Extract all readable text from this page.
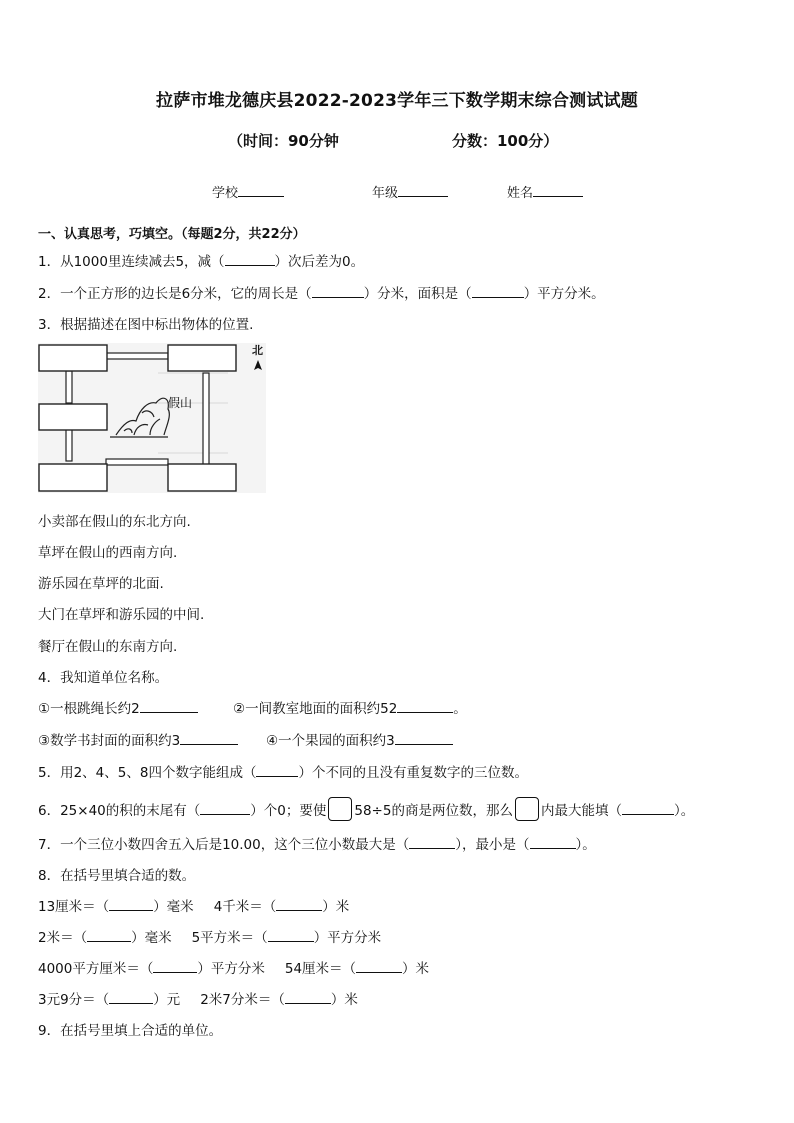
拉萨市堆龙德庆县2022-2023学年三下数学期末综合测试试题
（时间：90分钟	分数：100分）
学校	年级	姓名
一、认真思考，巧填空。（每题2分，共22分）
1．从1000里连续减去5，减（	）次后差为0。
2．一个正方形的边长是6分米，它的周长是（	）分米，面积是（	）平方分米。
3．根据描述在图中标出物体的位置.
假山
北
小卖部在假山的东北方向.
草坪在假山的西南方向.
游乐园在草坪的北面.
大门在草坪和游乐园的中间.
餐厅在假山的东南方向.
4．我知道单位名称。
①一根跳绳长约2	②一间教室地面的面积约52	。
③数学书封面的面积约3	④一个果园的面积约3
5．用2、4、5、8四个数字能组成（	）个不同的且没有重复数字的三位数。
6．25×40的积的末尾有（	）个0；要使 58÷5的商是两位数，那么 内最大能填（	）。
7．一个三位小数四舍五入后是10.00，这个三位小数最大是（	），最小是（	）。
8．在括号里填合适的数。
13厘米＝（	）毫米 4千米＝（	）米
2米＝（	）毫米 5平方米＝（	）平方分米
4000平方厘米＝（	）平方分米 54厘米＝（	）米
3元9分＝（	）元 2米7分米＝（	）米
9．在括号里填上合适的单位。
